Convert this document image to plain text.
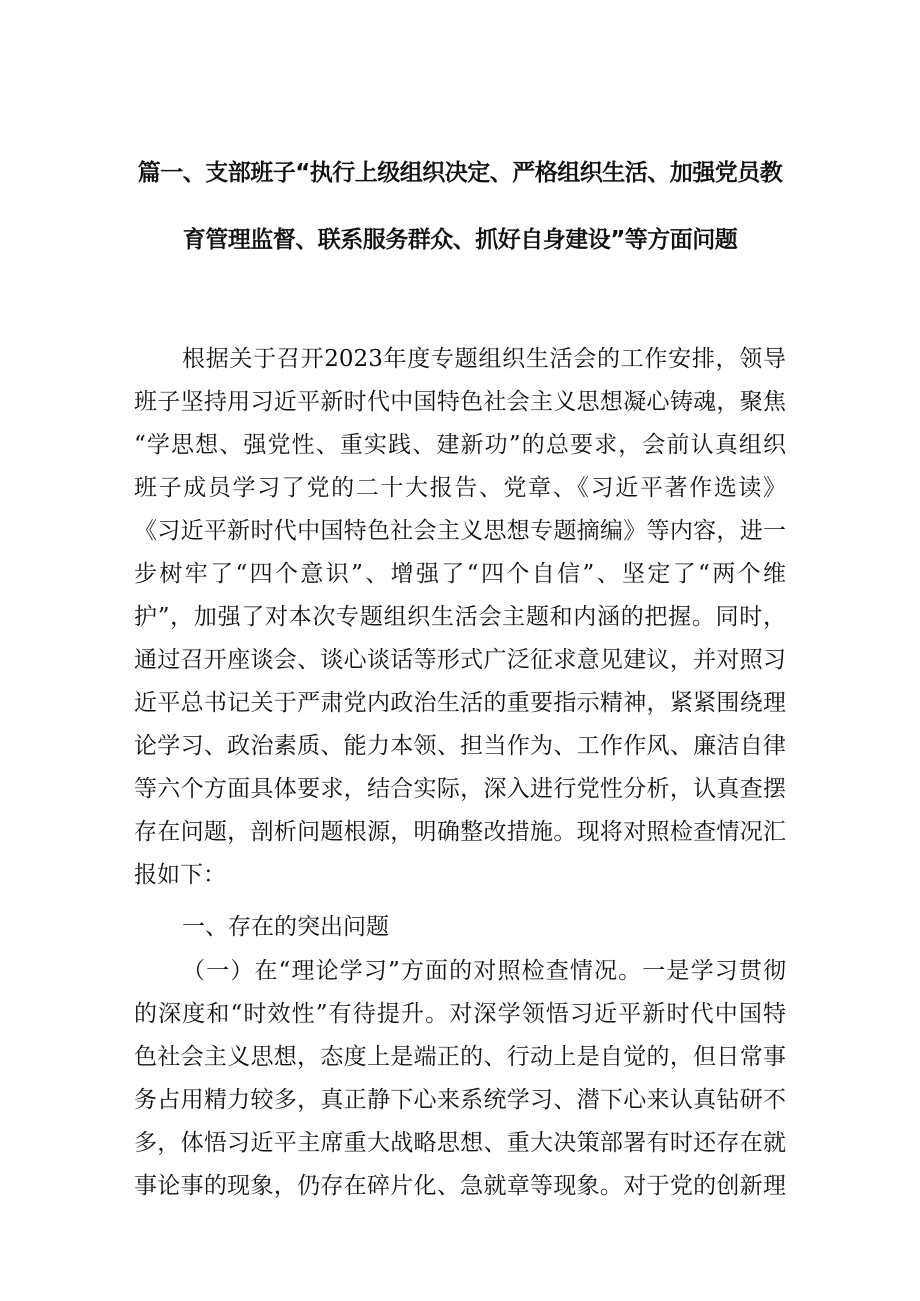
篇一、支部班子“执行上级组织决定、严格组织生活、加强党员教
育管理监督、联系服务群众、抓好自身建设”等方面问题
根据关于召开2023年度专题组织生活会的工作安排，领导
班子坚持用习近平新时代中国特色社会主义思想凝心铸魂，聚焦
“学思想、强党性、重实践、建新功”的总要求，会前认真组织
班子成员学习了党的二十大报告、党章、《习近平著作选读》
《习近平新时代中国特色社会主义思想专题摘编》等内容，进一
步树牢了“四个意识”、增强了“四个自信”、坚定了“两个维
护”，加强了对本次专题组织生活会主题和内涵的把握。同时，
通过召开座谈会、谈心谈话等形式广泛征求意见建议，并对照习
近平总书记关于严肃党内政治生活的重要指示精神，紧紧围绕理
论学习、政治素质、能力本领、担当作为、工作作风、廉洁自律
等六个方面具体要求，结合实际，深入进行党性分析，认真查摆
存在问题，剖析问题根源，明确整改措施。现将对照检查情况汇
报如下：
一、存在的突出问题
（一）在“理论学习”方面的对照检查情况。一是学习贯彻
的深度和“时效性”有待提升。对深学领悟习近平新时代中国特
色社会主义思想，态度上是端正的、行动上是自觉的，但日常事
务占用精力较多，真正静下心来系统学习、潜下心来认真钻研不
多，体悟习近平主席重大战略思想、重大决策部署有时还存在就
事论事的现象，仍存在碎片化、急就章等现象。对于党的创新理
